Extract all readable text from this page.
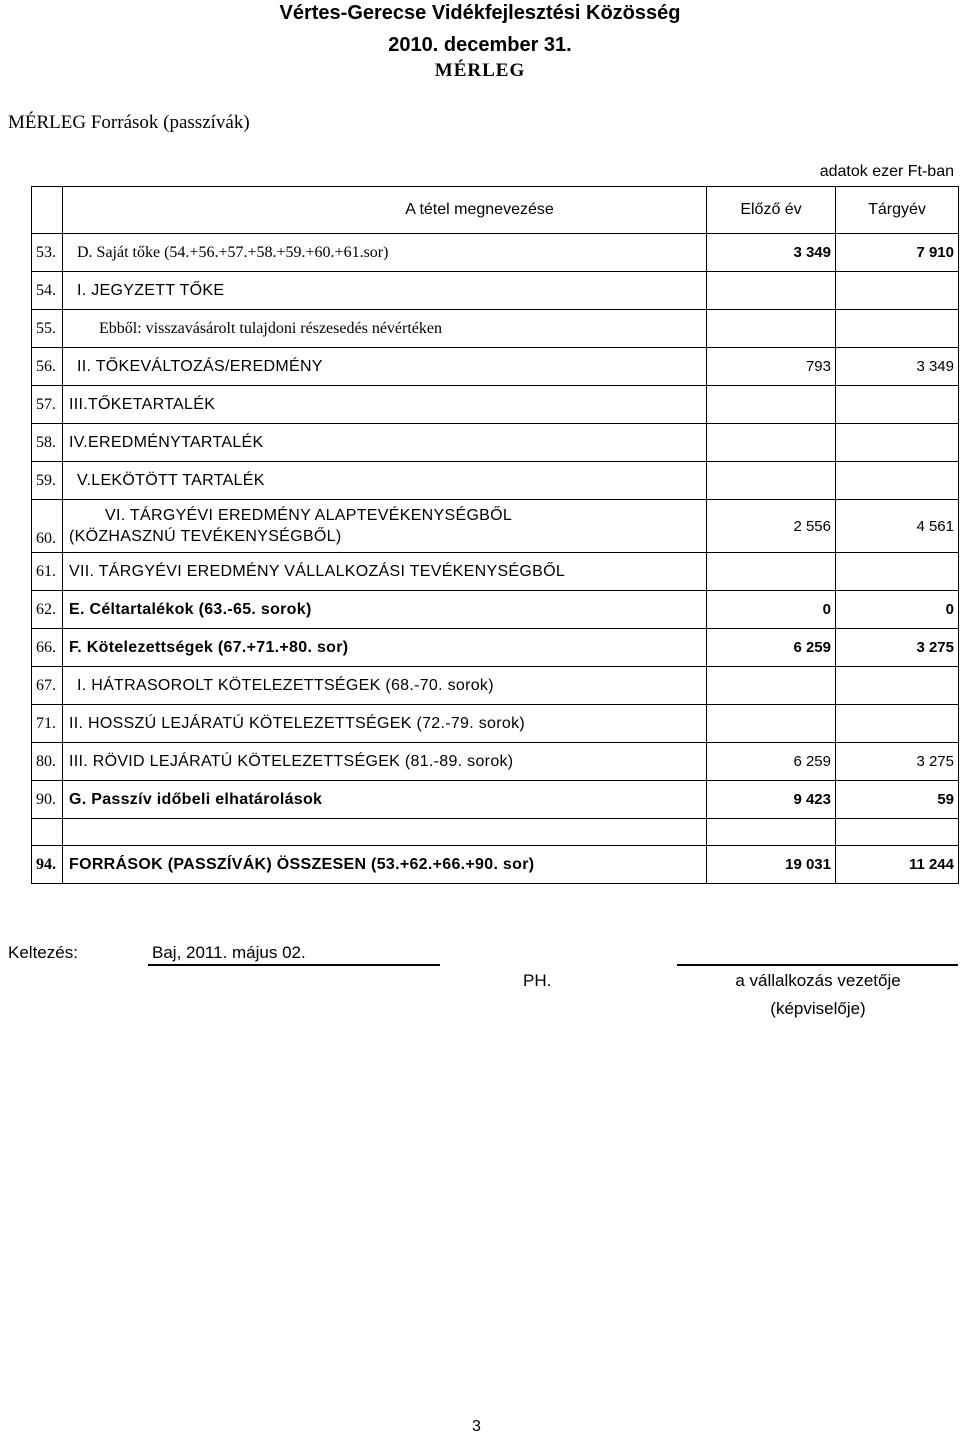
Vértes-Gerecse Vidékfejlesztési Közösség
2010. december 31.
MÉRLEG
MÉRLEG Források (passzívák)
adatok ezer Ft-ban
	A tétel megnevezése	Előző év	Tárgyév
53.	D. Saját tőke (54.+56.+57.+58.+59.+60.+61.sor)	3 349	7 910
54.	I. JEGYZETT TŐKE		
55.	Ebből: visszavásárolt tulajdoni részesedés névértéken		
56.	II. TŐKEVÁLTOZÁS/EREDMÉNY	793	3 349
57.	III.TŐKETARTALÉK		
58.	IV.EREDMÉNYTARTALÉK		
59.	V.LEKÖTÖTT TARTALÉK		
60.	VI. TÁRGYÉVI EREDMÉNY ALAPTEVÉKENYSÉGBŐL
(KÖZHASZNÚ TEVÉKENYSÉGBŐL)	2 556	4 561
61.	VII. TÁRGYÉVI EREDMÉNY VÁLLALKOZÁSI TEVÉKENYSÉGBŐL		
62.	E. Céltartalékok (63.-65. sorok)	0	0
66.	F. Kötelezettségek (67.+71.+80. sor)	6 259	3 275
67.	I. HÁTRASOROLT KÖTELEZETTSÉGEK (68.-70. sorok)		
71.	II. HOSSZÚ LEJÁRATÚ KÖTELEZETTSÉGEK (72.-79. sorok)		
80.	III. RÖVID LEJÁRATÚ KÖTELEZETTSÉGEK (81.-89. sorok)	6 259	3 275
90.	G. Passzív időbeli elhatárolások	9 423	59

94.	FORRÁSOK (PASSZÍVÁK) ÖSSZESEN (53.+62.+66.+90. sor)	19 031	11 244
Keltezés:	Baj, 2011. május 02.
PH.	a vállalkozás vezetője
(képviselője)
3
